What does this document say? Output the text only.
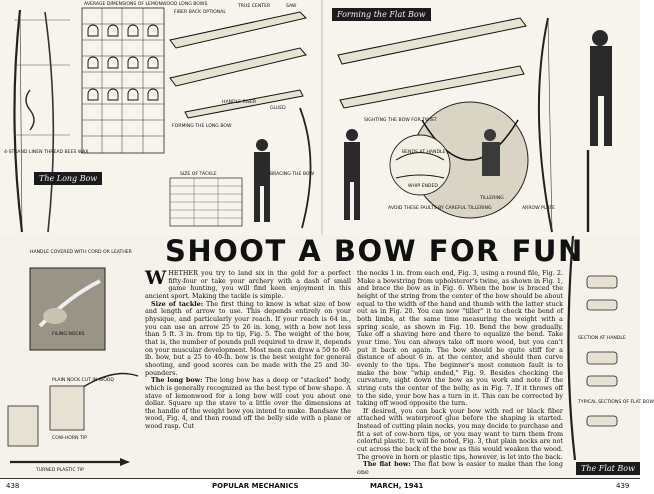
The Long Bow
Forming the Flat Bow
The Flat Bow
AVERAGE DIMENSIONS OF LEMONWOOD LONG BOWS
FIBER BACK OPTIONAL
TRUE CENTER	SAW
HANDLE RISER
GLUED
FORMING THE LONG BOW
SIZE OF TACKLE	BRACING THE BOW
SIGHTING THE BOW FOR TWIST
TILLERING
ARROW PLATE
BENDS AT HANDLE
WHIP ENDED
AVOID THESE FAULTS BY CAREFUL TILLERING
HANDLE COVERED WITH CORD OR LEATHER
4-STRAND LINEN THREAD BEES WAX
SECTION AT HANDLE
TYPICAL SECTIONS OF FLAT BOW
SHOOT A BOW FOR FUN
FILING NOCKS
PLAIN NOCK CUT IN WOOD
COW-HORN TIP
TURNED PLASTIC TIP

WHETHER you try to land six in the gold for a perfect fifty-four or take your archery with a dash of small game hunting, you will find keen enjoyment in this ancient sport. Making the tackle is simple.

Size of tackle: The first thing to know is what size of bow and length of arrow to use. This depends entirely on your physique, and particularly your reach. If your reach is 64 in., you can use an arrow 25 to 26 in. long, with a bow not less than 5 ft. 3 in. from tip to tip, Fig. 5. The weight of the bow, that is, the number of pounds pull required to draw it, depends on your muscular development. Most men can draw a 50 to 60-lb. bow, but a 25 to 40-lb. bow is the best weight for general shooting, and good scores can be made with the 25 and 30-pounders.

The long bow: The long bow has a deep or "stacked" body, which is generally recognized as the best type of bow shape. A stave of lemonwood for a long bow will cost you about one dollar. Square up the stave to a little over the dimensions at the handle of the weight bow you intend to make. Bandsaw the wood, Fig. 4, and then round off the belly side with a plane or wood rasp. Cut

the nocks 1 in. from each end, Fig. 3, using a round file, Fig. 2. Make a bowstring from upholsterer's twine, as shown in Fig. 1, and brace the bow as in Fig. 6. When the bow is braced the height of the string from the center of the bow should be about equal to the width of the hand and thumb with the latter stuck out as in Fig. 20. You can now "tiller" it to check the bend of both limbs, at the same time measuring the weight with a spring scale, as shown in Fig. 10. Bend the bow gradually. Take off a shaving here and there to equalize the bend. Take your time. You can always take off more wood, but you can't put it back on again. The bow should be quite stiff for a distance of about 6 in. at the center, and should then curve evenly to the tips. The beginner's most common fault is to make the bow "whip ended," Fig. 9. Besides checking the curvature, sight down the bow as you work and note if the string cuts the center of the belly, as in Fig. 7. If it throws off to the side, your bow has a turn in it. This can be corrected by taking off wood opposite the turn.

If desired, you can back your bow with red or black fiber attached with waterproof glue before the shaping is started. Instead of cutting plain nocks, you may decide to purchase and fit a set of cow-horn tips, or you may want to turn them from colorful plastic. It will be noted, Fig. 3, that plain nocks are not cut across the back of the bow as this would weaken the wood. The groove in horn or plastic tips, however, is let into the back.

The flat bow: The flat bow is easier to make than the long one

438	POPULAR MECHANICS	MARCH, 1941	439
